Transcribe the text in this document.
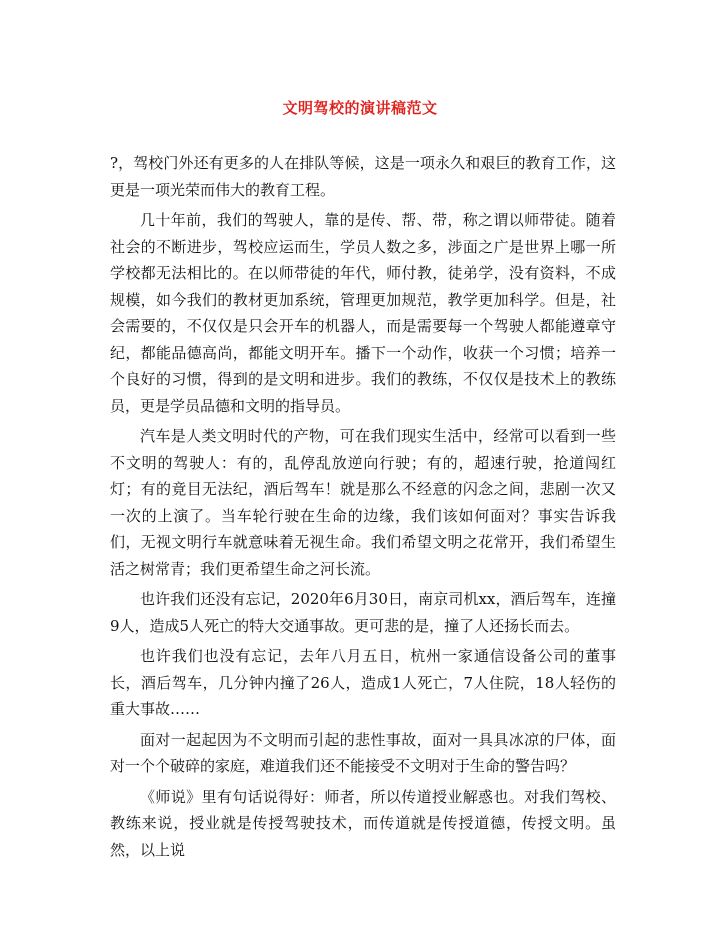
文明驾校的演讲稿范文

?，驾校门外还有更多的人在排队等候，这是一项永久和艰巨的教育工作，这更是一项光荣而伟大的教育工程。

几十年前，我们的驾驶人，靠的是传、帮、带，称之谓以师带徒。随着社会的不断进步，驾校应运而生，学员人数之多，涉面之广是世界上哪一所学校都无法相比的。在以师带徒的年代，师付教，徒弟学，没有资料，不成规模，如今我们的教材更加系统，管理更加规范，教学更加科学。但是，社会需要的，不仅仅是只会开车的机器人，而是需要每一个驾驶人都能遵章守纪，都能品德高尚，都能文明开车。播下一个动作，收获一个习惯；培养一个良好的习惯，得到的是文明和进步。我们的教练，不仅仅是技术上的教练员，更是学员品德和文明的指导员。

汽车是人类文明时代的产物，可在我们现实生活中，经常可以看到一些不文明的驾驶人：有的，乱停乱放逆向行驶；有的，超速行驶，抢道闯红灯；有的竟目无法纪，酒后驾车！就是那么不经意的闪念之间，悲剧一次又一次的上演了。当车轮行驶在生命的边缘，我们该如何面对？事实告诉我们，无视文明行车就意味着无视生命。我们希望文明之花常开，我们希望生活之树常青；我们更希望生命之河长流。

也许我们还没有忘记，2020年6月30日，南京司机xx，酒后驾车，连撞9人，造成5人死亡的特大交通事故。更可悲的是，撞了人还扬长而去。

也许我们也没有忘记，去年八月五日，杭州一家通信设备公司的董事长，酒后驾车，几分钟内撞了26人，造成1人死亡，7人住院，18人轻伤的重大事故……

面对一起起因为不文明而引起的悲性事故，面对一具具冰凉的尸体，面对一个个破碎的家庭，难道我们还不能接受不文明对于生命的警告吗？

《师说》里有句话说得好：师者，所以传道授业解惑也。对我们驾校、教练来说，授业就是传授驾驶技术，而传道就是传授道德，传授文明。虽然，以上说
